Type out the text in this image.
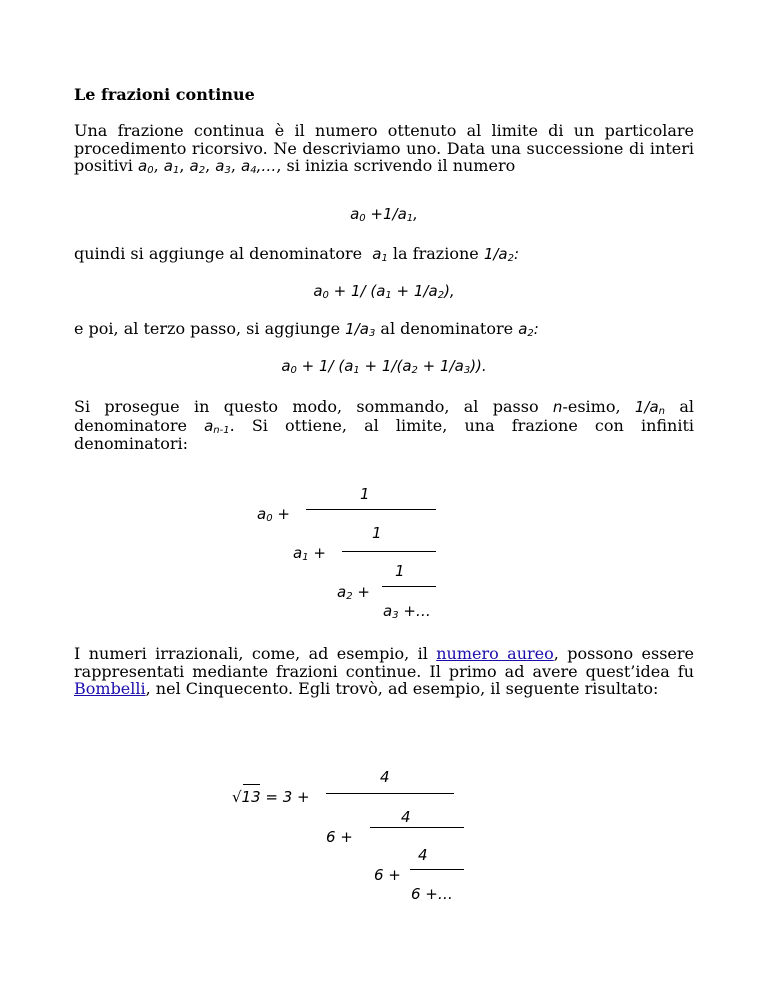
Le frazioni continue
Una frazione continua è il numero ottenuto al limite di un particolare procedimento ricorsivo. Ne descriviamo uno. Data una successione di interi positivi $a_0$, $a_1$, $a_2$, $a_3$, $a_4,\dots$, si inizia scrivendo il numero
$a_0 +1/a_1$,
quindi si aggiunge al denominatore $a_1$ la frazione $1/a_2$:
$a_0 + 1/$ $(a_1 + 1/a_2)$,
e poi, al terzo passo, si aggiunge $1/a_3$ al denominatore $a_2$:
$a_0 + 1/$ $(a_1 + 1/(a_2 + 1/a_3))$.
Si prosegue in questo modo, sommando, al passo n-esimo, $1/a_n$ al denominatore $a_{n-1}$. Si ottiene, al limite, una frazione con infiniti denominatori:
$a_0$ +
1
$a_1$ +
1
$a_2$ +
1
$a_3$ +…
I numeri irrazionali, come, ad esempio, il numero aureo, possono essere rappresentati mediante frazioni continue. Il primo ad avere quest’idea fu Bombelli, nel Cinquecento. Egli trovò, ad esempio, il seguente risultato:
√13 = 3 +
4
6 +
4
6 +
4
6 +…
